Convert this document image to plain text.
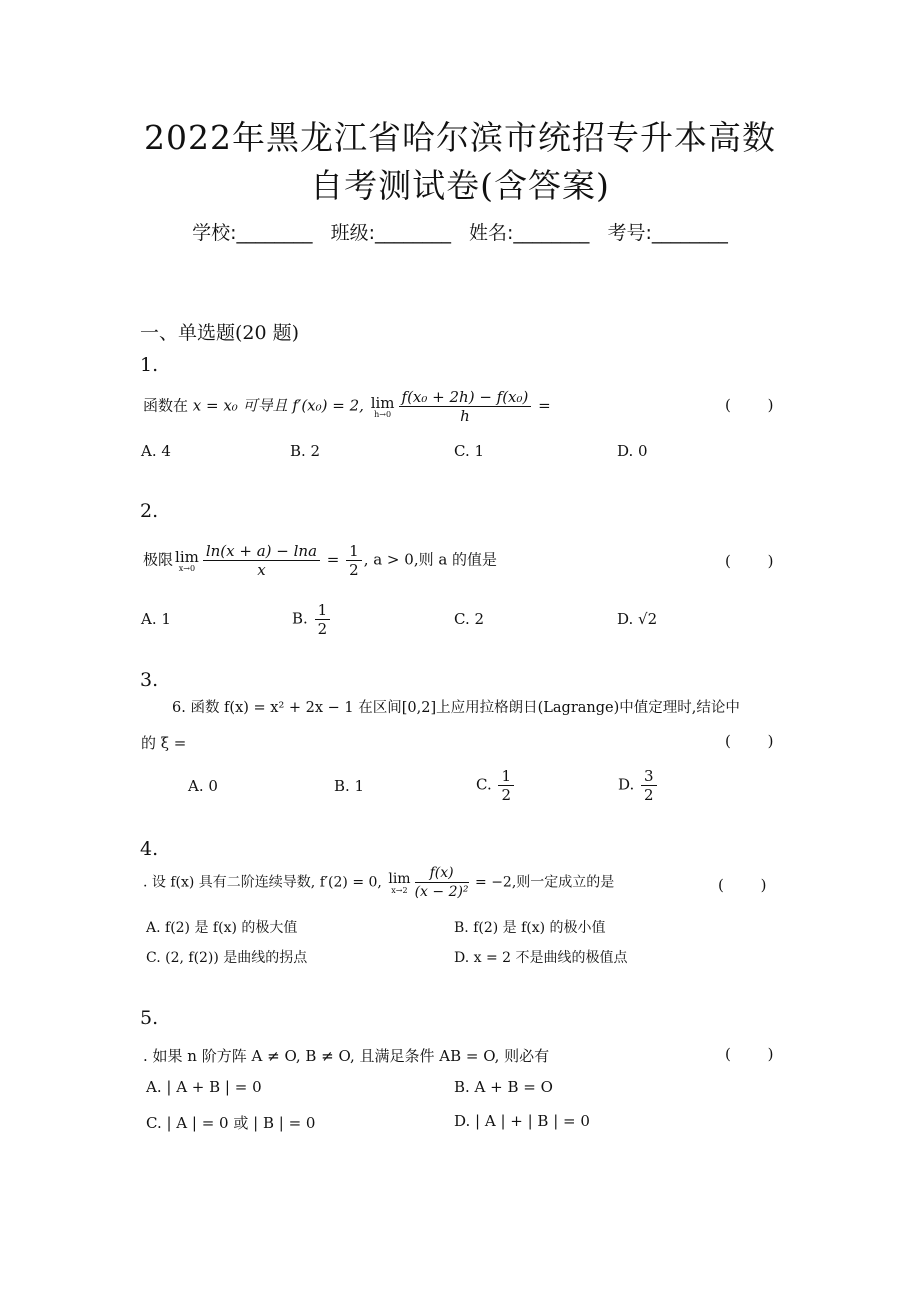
2022年黑龙江省哈尔滨市统招专升本高数
自考测试卷(含答案)
学校:________ 班级:________ 姓名:________ 考号:________
一、单选题(20 题)
1.
函数在 x = x₀ 可导且 f′(x₀) = 2, lim
$h\to 0 \frac{\text{f(x₀ + 2h) − f(x₀)}}{h}$ =	( )
A. 4	B. 2	C. 1	D. 0
2.
极限 lim
$x\to 0 \frac{\ln(x + a) - \ln a}{x} = \frac{1}{2}$ , a > 0,则 a 的值是	( )
A. 1	B. $\frac{1}{2}$	C. 2	D. √2
3.
6. 函数 f(x) = x² + 2x − 1 在区间[0,2]上应用拉格朗日(Lagrange)中值定理时,结论中
的 ξ =	( )
A. 0	B. 1	C. $\frac{1}{2}$	D. $\frac{3}{2}$
4.
. 设 f(x) 具有二阶连续导数, f′(2) = 0, lim
$x\to 2 \frac{f(x)}{\text{(x − 2)²}} = -2$,则一定成立的是	( )
A. f(2) 是 f(x) 的极大值	B. f(2) 是 f(x) 的极小值
C. (2, f(2)) 是曲线的拐点	D. x = 2 不是曲线的极值点
5.
. 如果 n 阶方阵 A ≠ O, B ≠ O, 且满足条件 AB = O, 则必有	( )
A. | A + B | = 0	B. A + B = O
C. | A | = 0 或 | B | = 0	D. | A | + | B | = 0
